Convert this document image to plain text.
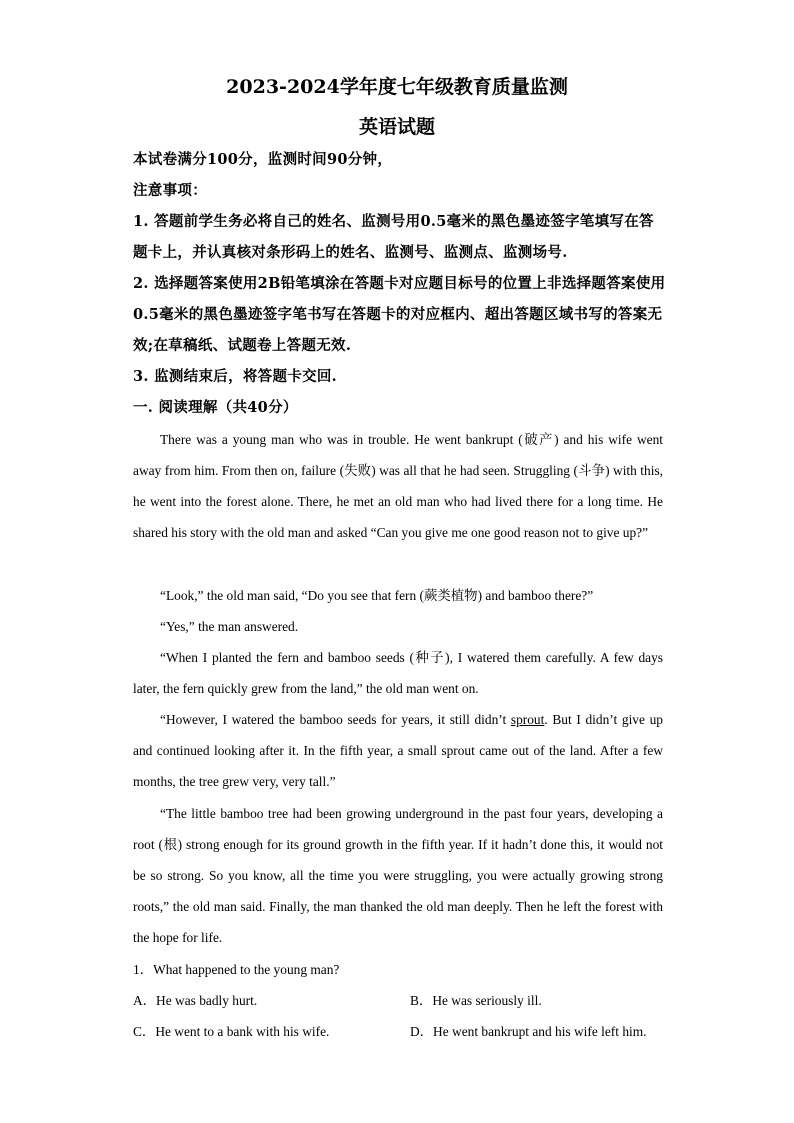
2023-2024学年度七年级教育质量监测
英语试题
本试卷满分100分，监测时间90分钟，
注意事项：
1. 答题前学生务必将自己的姓名、监测号用0.5毫米的黑色墨迹签字笔填写在答题卡上，并认真核对条形码上的姓名、监测号、监测点、监测场号.
2. 选择题答案使用2B铅笔填涂在答题卡对应题目标号的位置上非选择题答案使用0.5毫米的黑色墨迹签字笔书写在答题卡的对应框内、超出答题区域书写的答案无效;在草稿纸、试题卷上答题无效.
3. 监测结束后，将答题卡交回.
一. 阅读理解（共40分）
There was a young man who was in trouble. He went bankrupt (破产) and his wife went away from him. From then on, failure (失败) was all that he had seen. Struggling (斗争) with this, he went into the forest alone. There, he met an old man who had lived there for a long time. He shared his story with the old man and asked “Can you give me one good reason not to give up?”
“Look,” the old man said, “Do you see that fern (蕨类植物) and bamboo there?”
“Yes,” the man answered.
“When I planted the fern and bamboo seeds (种子), I watered them carefully. A few days later, the fern quickly grew from the land,” the old man went on.
“However, I watered the bamboo seeds for years, it still didn’t sprout. But I didn’t give up and continued looking after it. In the fifth year, a small sprout came out of the land. After a few months, the tree grew very, very tall.”
“The little bamboo tree had been growing underground in the past four years, developing a root (根) strong enough for its ground growth in the fifth year. If it hadn’t done this, it would not be so strong. So you know, all the time you were struggling, you were actually growing strong roots,” the old man said. Finally, the man thanked the old man deeply. Then he left the forest with the hope for life.
1．What happened to the young man?
A．He was badly hurt.	B．He was seriously ill.
C．He went to a bank with his wife.	D．He went bankrupt and his wife left him.
